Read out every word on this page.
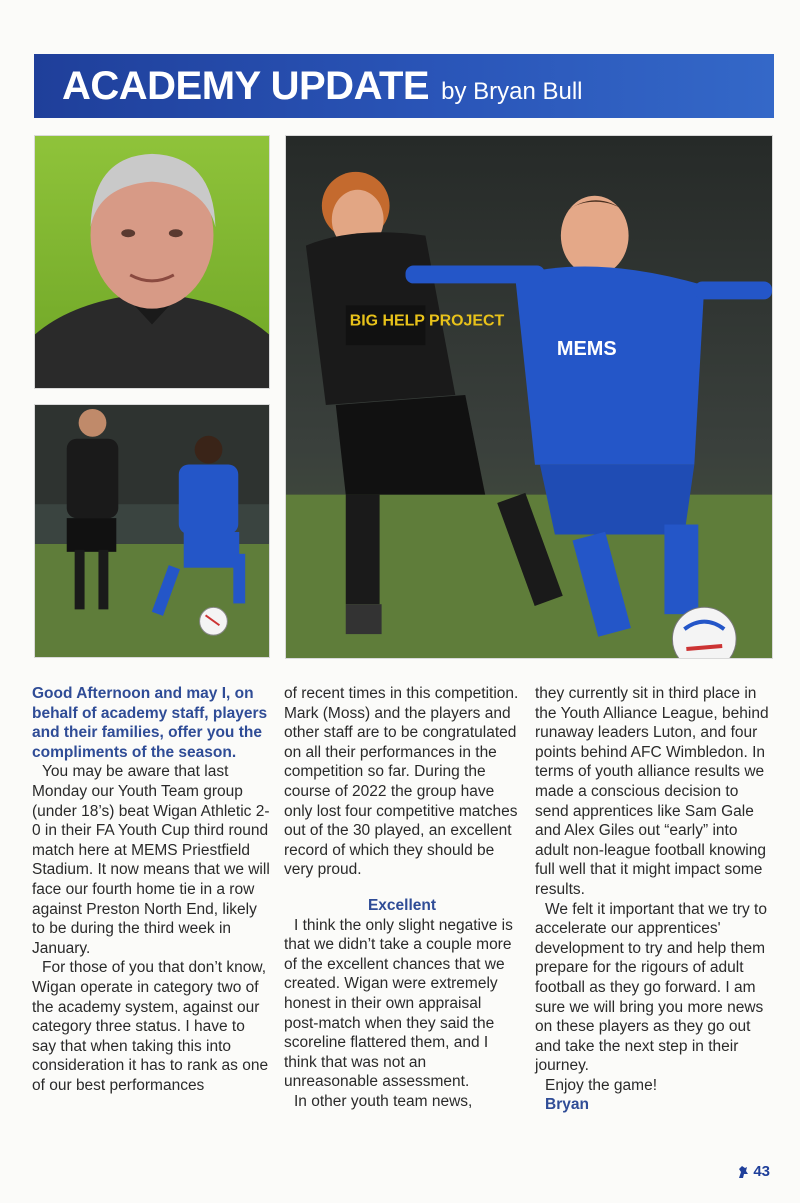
ACADEMY UPDATE by Bryan Bull
BIG HELP PROJECT
MEMS

Good Afternoon and may I, on behalf of academy staff, players and their families, offer you the compliments of the season.

You may be aware that last Monday our Youth Team group (under 18’s) beat Wigan Athletic 2-0 in their FA Youth Cup third round match here at MEMS Priestfield Stadium. It now means that we will face our fourth home tie in a row against Preston North End, likely to be during the third week in January.

For those of you that don’t know, Wigan operate in category two of the academy system, against our category three status. I have to say that when taking this into consideration it has to rank as one of our best performances

of recent times in this competition. Mark (Moss) and the players and other staff are to be congratulated on all their performances in the competition so far. During the course of 2022 the group have only lost four competitive matches out of the 30 played, an excellent record of which they should be very proud.

Excellent

I think the only slight negative is that we didn’t take a couple more of the excellent chances that we created. Wigan were extremely honest in their own appraisal post-match when they said the scoreline flattered them, and I think that was not an unreasonable assessment.

In other youth team news,

they currently sit in third place in the Youth Alliance League, behind runaway leaders Luton, and four points behind AFC Wimbledon. In terms of youth alliance results we made a conscious decision to send apprentices like Sam Gale and Alex Giles out “early” into adult non-league football knowing full well that it might impact some results.

We felt it important that we try to accelerate our apprentices' development to try and help them prepare for the rigours of adult football as they go forward. I am sure we will bring you more news on these players as they go out and take the next step in their journey.

Enjoy the game!

Bryan

43
